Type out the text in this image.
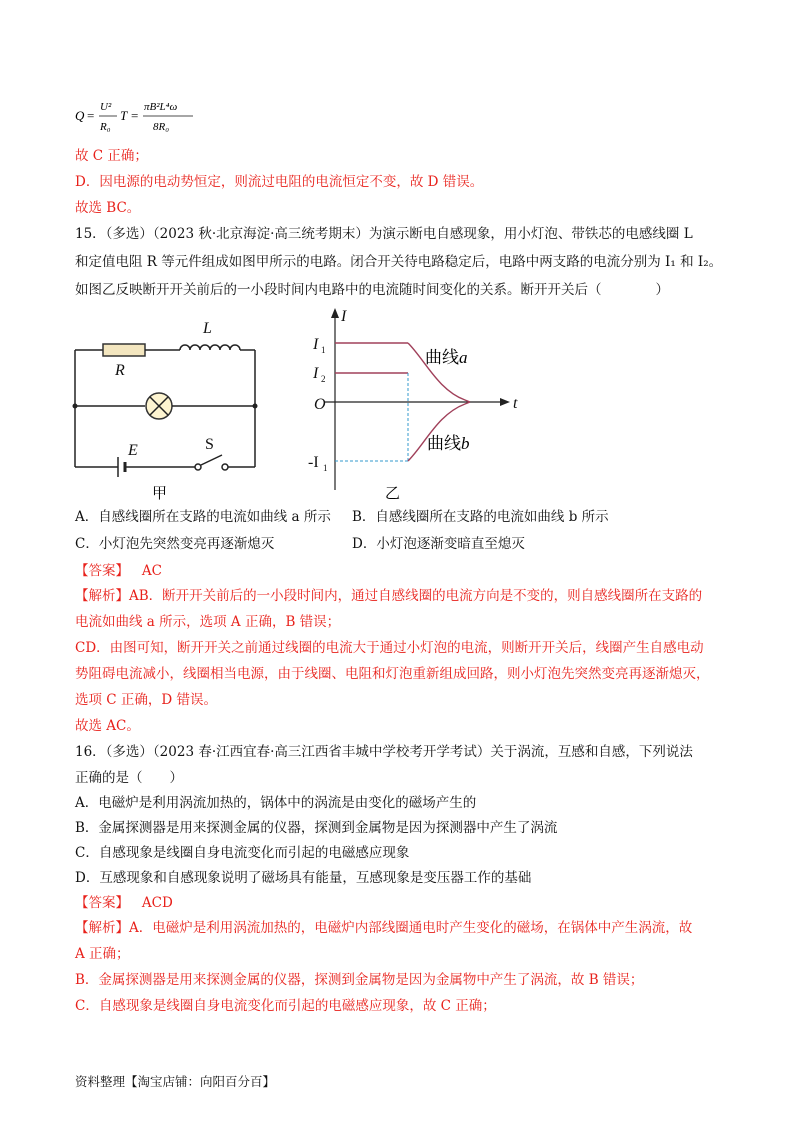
Q =
U²
R₀
T =
πB²L⁴ω
8R₀
故 C 正确；
D．因电源的电动势恒定，则流过电阻的电流恒定不变，故 D 错误。
故选 BC。
15．（多选）（2023 秋·北京海淀·高三统考期末）为演示断电自感现象，用小灯泡、带铁芯的电感线圈 L
和定值电阻 R 等元件组成如图甲所示的电路。闭合开关待电路稳定后，电路中两支路的电流分别为 I₁ 和 I₂。
如图乙反映断开开关前后的一小段时间内电路中的电流随时间变化的关系。断开开关后（　　　　）
L
R
E	S
甲
I
t
O
I 1
I 2
-I 1
曲线a
曲线b
乙
A．自感线圈所在支路的电流如曲线 a 所示 B．自感线圈所在支路的电流如曲线 b 所示
C．小灯泡先突然变亮再逐渐熄灭	D．小灯泡逐渐变暗直至熄灭
【答案】 AC
【解析】AB．断开开关前后的一小段时间内，通过自感线圈的电流方向是不变的，则自感线圈所在支路的
电流如曲线 a 所示，选项 A 正确，B 错误；
CD．由图可知，断开开关之前通过线圈的电流大于通过小灯泡的电流，则断开开关后，线圈产生自感电动
势阻碍电流减小，线圈相当电源，由于线圈、电阻和灯泡重新组成回路，则小灯泡先突然变亮再逐渐熄灭，
选项 C 正确，D 错误。
故选 AC。
16．（多选）（2023 春·江西宜春·高三江西省丰城中学校考开学考试）关于涡流，互感和自感，下列说法
正确的是（　　）
A．电磁炉是利用涡流加热的，锅体中的涡流是由变化的磁场产生的
B．金属探测器是用来探测金属的仪器，探测到金属物是因为探测器中产生了涡流
C．自感现象是线圈自身电流变化而引起的电磁感应现象
D．互感现象和自感现象说明了磁场具有能量，互感现象是变压器工作的基础
【答案】 ACD
【解析】A．电磁炉是利用涡流加热的，电磁炉内部线圈通电时产生变化的磁场，在锅体中产生涡流，故
A 正确；
B．金属探测器是用来探测金属的仪器，探测到金属物是因为金属物中产生了涡流，故 B 错误；
C．自感现象是线圈自身电流变化而引起的电磁感应现象，故 C 正确；
资料整理【淘宝店铺：向阳百分百】
